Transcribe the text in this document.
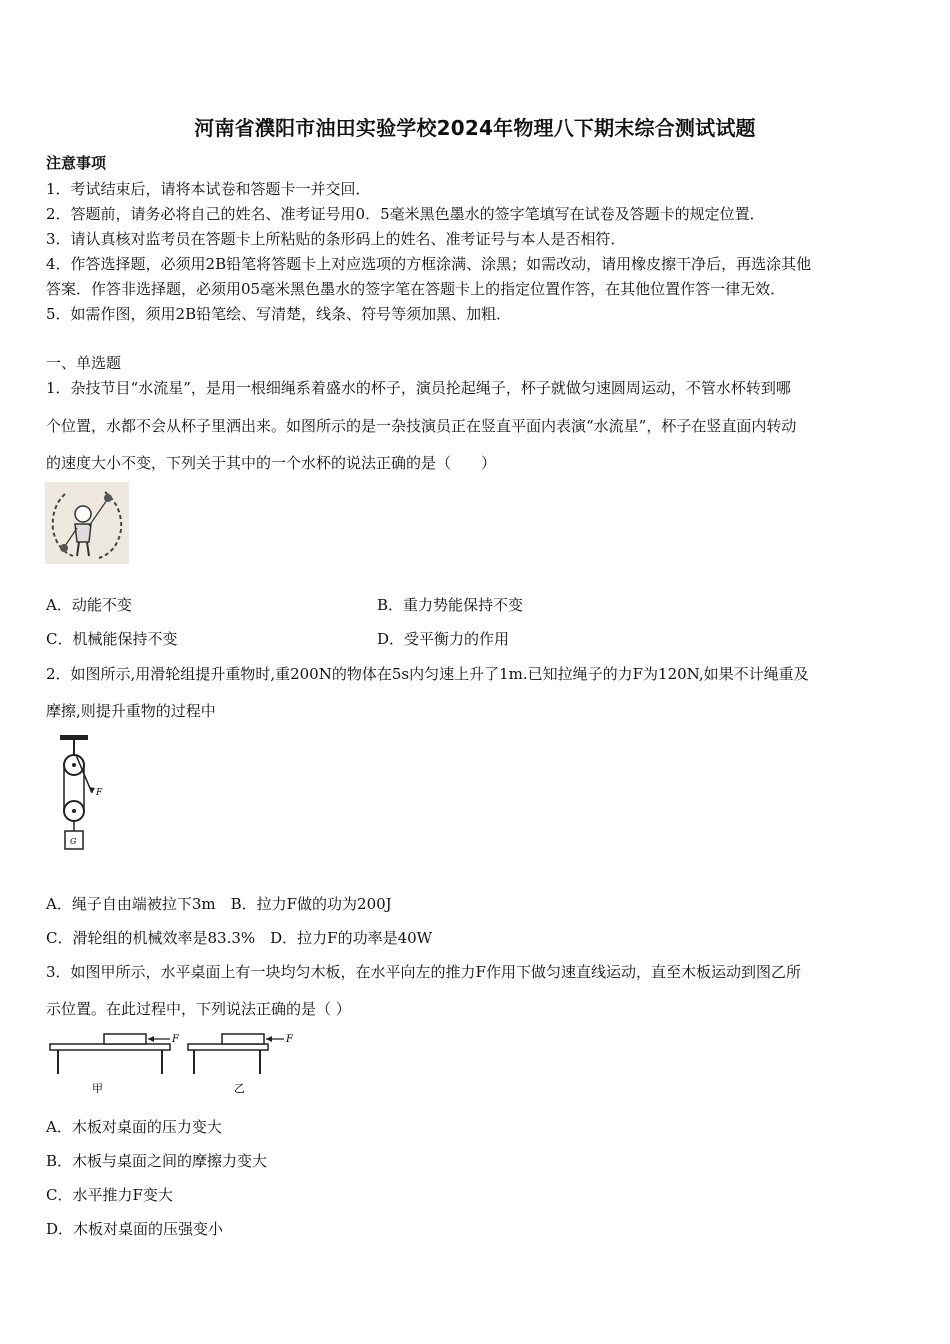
河南省濮阳市油田实验学校2024年物理八下期末综合测试试题
注意事项
1．考试结束后，请将本试卷和答题卡一并交回．
2．答题前，请务必将自己的姓名、准考证号用0．5毫米黑色墨水的签字笔填写在试卷及答题卡的规定位置．
3．请认真核对监考员在答题卡上所粘贴的条形码上的姓名、准考证号与本人是否相符．
4．作答选择题，必须用2B铅笔将答题卡上对应选项的方框涂满、涂黑；如需改动，请用橡皮擦干净后，再选涂其他
答案．作答非选择题，必须用05毫米黑色墨水的签字笔在答题卡上的指定位置作答，在其他位置作答一律无效．
5．如需作图，须用2B铅笔绘、写清楚，线条、符号等须加黑、加粗．
一、单选题
1．杂技节目“水流星”，是用一根细绳系着盛水的杯子，演员抡起绳子，杯子就做匀速圆周运动，不管水杯转到哪
个位置，水都不会从杯子里洒出来。如图所示的是一杂技演员正在竖直平面内表演“水流星”，杯子在竖直面内转动
的速度大小不变，下列关于其中的一个水杯的说法正确的是（　　）
A．动能不变	B．重力势能保持不变
C．机械能保持不变	D．受平衡力的作用
2．如图所示,用滑轮组提升重物时,重200N的物体在5s内匀速上升了1m.已知拉绳子的力F为120N,如果不计绳重及
摩擦,则提升重物的过程中
F
G
A．绳子自由端被拉下3m　B．拉力F做的功为200J
C．滑轮组的机械效率是83.3%　D．拉力F的功率是40W
3．如图甲所示，水平桌面上有一块均匀木板，在水平向左的推力F作用下做匀速直线运动，直至木板运动到图乙所
示位置。在此过程中，下列说法正确的是（ ）
F
甲
F
乙
A．木板对桌面的压力变大
B．木板与桌面之间的摩擦力变大
C．水平推力F变大
D．木板对桌面的压强变小
